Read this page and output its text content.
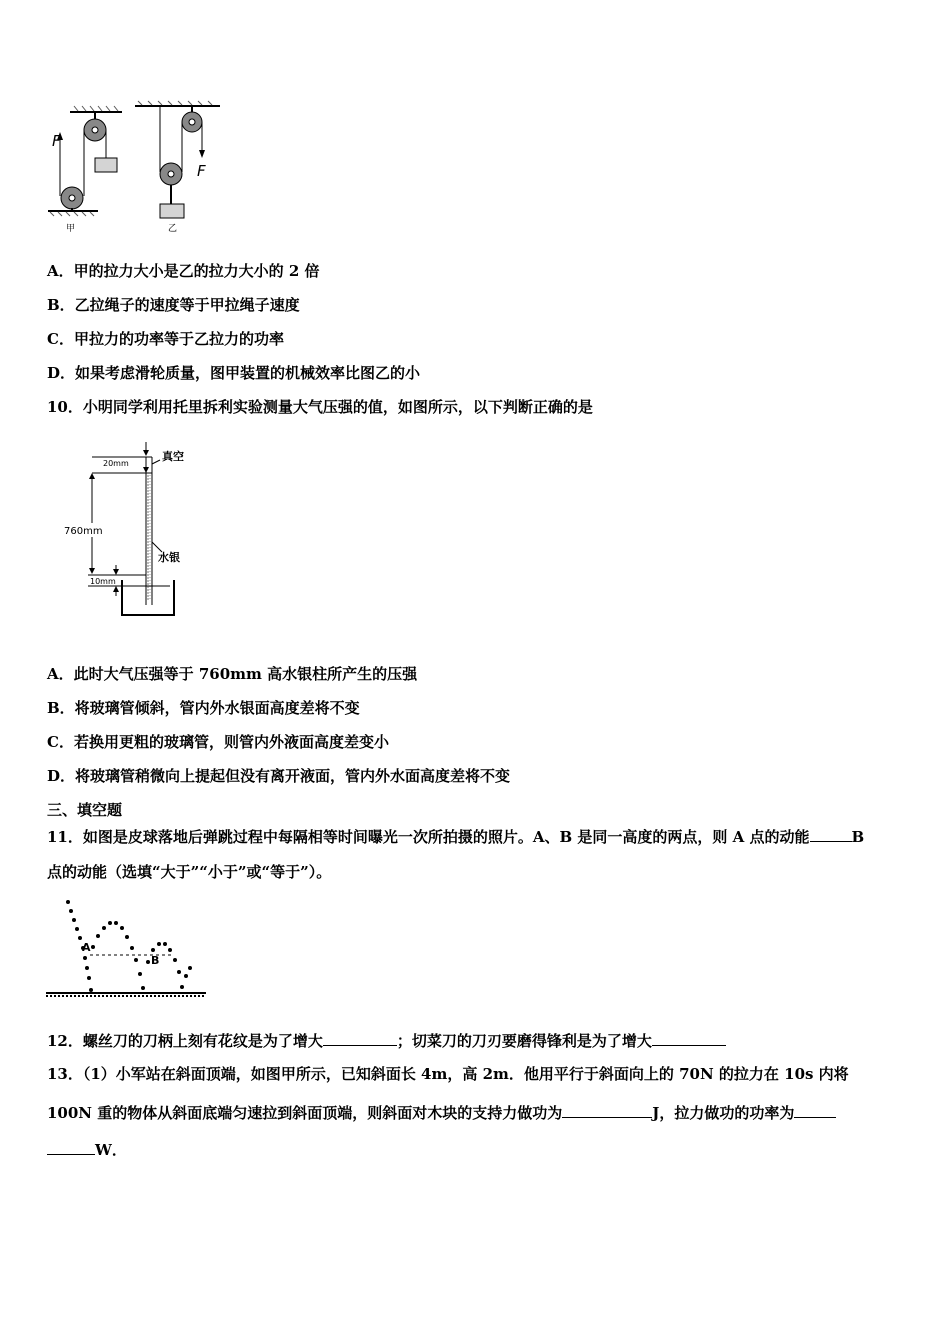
F
甲
F
乙
A．甲的拉力大小是乙的拉力大小的 2 倍
B．乙拉绳子的速度等于甲拉绳子速度
C．甲拉力的功率等于乙拉力的功率
D．如果考虑滑轮质量，图甲装置的机械效率比图乙的小
10．小明同学利用托里拆利实验测量大气压强的值，如图所示，以下判断正确的是
20mm
真空
760mm
水银
10mm
A．此时大气压强等于 760mm 高水银柱所产生的压强
B．将玻璃管倾斜，管内外水银面高度差将不变
C．若换用更粗的玻璃管，则管内外液面高度差变小
D．将玻璃管稍微向上提起但没有离开液面，管内外水面高度差将不变
三、填空题
11．如图是皮球落地后弹跳过程中每隔相等时间曝光一次所拍摄的照片。A、B 是同一高度的两点，则 A 点的动能	B
点的动能（选填“大于”“小于”或“等于”）。
A
B
12．螺丝刀的刀柄上刻有花纹是为了增大	；切菜刀的刀刃要磨得锋利是为了增大
13．（1）小军站在斜面顶端，如图甲所示，已知斜面长 4m，高 2m．他用平行于斜面向上的 70N 的拉力在 10s 内将
100N 重的物体从斜面底端匀速拉到斜面顶端，则斜面对木块的支持力做功为	J，拉力做功的功率为
W．
